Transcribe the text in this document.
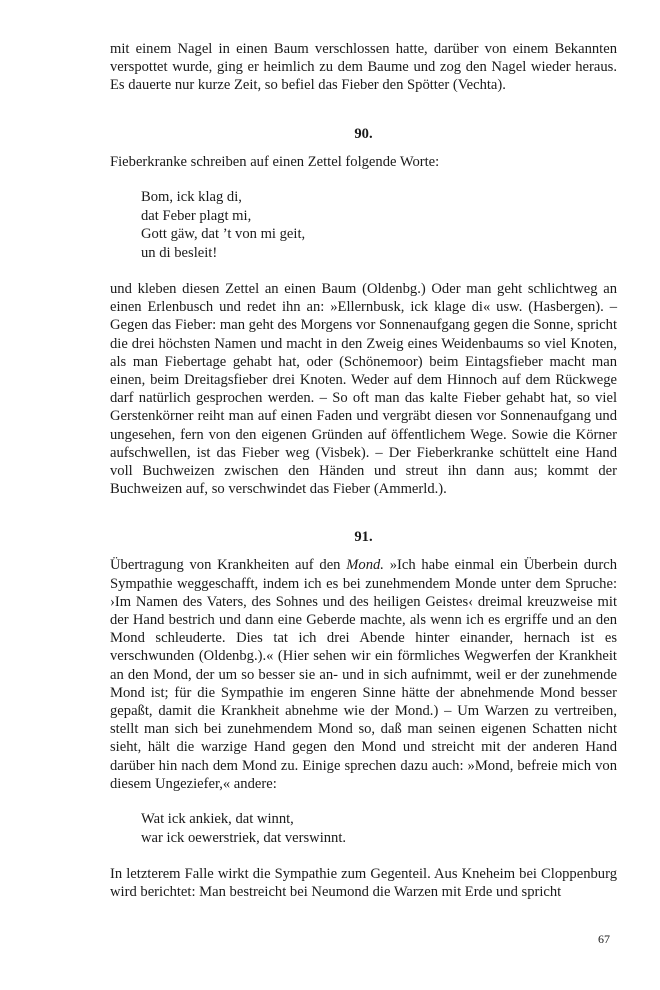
mit einem Nagel in einen Baum verschlossen hatte, darüber von einem Bekannten verspottet wurde, ging er heimlich zu dem Baume und zog den Nagel wieder heraus. Es dauerte nur kurze Zeit, so befiel das Fieber den Spötter (Vechta).

90.

Fieberkranke schreiben auf einen Zettel folgende Worte:

Bom, ick klag di,
dat Feber plagt mi,
Gott gäw, dat ’t von mi geit,
un di besleit!

und kleben diesen Zettel an einen Baum (Oldenbg.) Oder man geht schlichtweg an einen Erlenbusch und redet ihn an: »Ellernbusk, ick klage di« usw. (Hasbergen). – Gegen das Fieber: man geht des Morgens vor Sonnenaufgang gegen die Sonne, spricht die drei höchsten Namen und macht in den Zweig eines Weidenbaums so viel Knoten, als man Fiebertage gehabt hat, oder (Schönemoor) beim Eintagsfieber macht man einen, beim Dreitagsfieber drei Knoten. Weder auf dem Hinnoch auf dem Rückwege darf natürlich gesprochen werden. – So oft man das kalte Fieber gehabt hat, so viel Gerstenkörner reiht man auf einen Faden und vergräbt diesen vor Sonnenaufgang und ungesehen, fern von den eigenen Gründen auf öffentlichem Wege. Sowie die Körner aufschwellen, ist das Fieber weg (Visbek). – Der Fieberkranke schüttelt eine Hand voll Buchweizen zwischen den Händen und streut ihn dann aus; kommt der Buchweizen auf, so verschwindet das Fieber (Ammerld.).

91.

Übertragung von Krankheiten auf den Mond. »Ich habe einmal ein Überbein durch Sympathie weggeschafft, indem ich es bei zunehmendem Monde unter dem Spruche: ›Im Namen des Vaters, des Sohnes und des heiligen Geistes‹ dreimal kreuzweise mit der Hand bestrich und dann eine Geberde machte, als wenn ich es ergriffe und an den Mond schleuderte. Dies tat ich drei Abende hinter einander, hernach ist es verschwunden (Oldenbg.).« (Hier sehen wir ein förmliches Wegwerfen der Krankheit an den Mond, der um so besser sie an- und in sich aufnimmt, weil er der zunehmende Mond ist; für die Sympathie im engeren Sinne hätte der abnehmende Mond besser gepaßt, damit die Krankheit abnehme wie der Mond.) – Um Warzen zu vertreiben, stellt man sich bei zunehmendem Mond so, daß man seinen eigenen Schatten nicht sieht, hält die warzige Hand gegen den Mond und streicht mit der anderen Hand darüber hin nach dem Mond zu. Einige sprechen dazu auch: »Mond, befreie mich von diesem Ungeziefer,« andere:

Wat ick ankiek, dat winnt,
war ick oewerstriek, dat verswinnt.

In letzterem Falle wirkt die Sympathie zum Gegenteil. Aus Kneheim bei Cloppenburg wird berichtet: Man bestreicht bei Neumond die Warzen mit Erde und spricht

67
